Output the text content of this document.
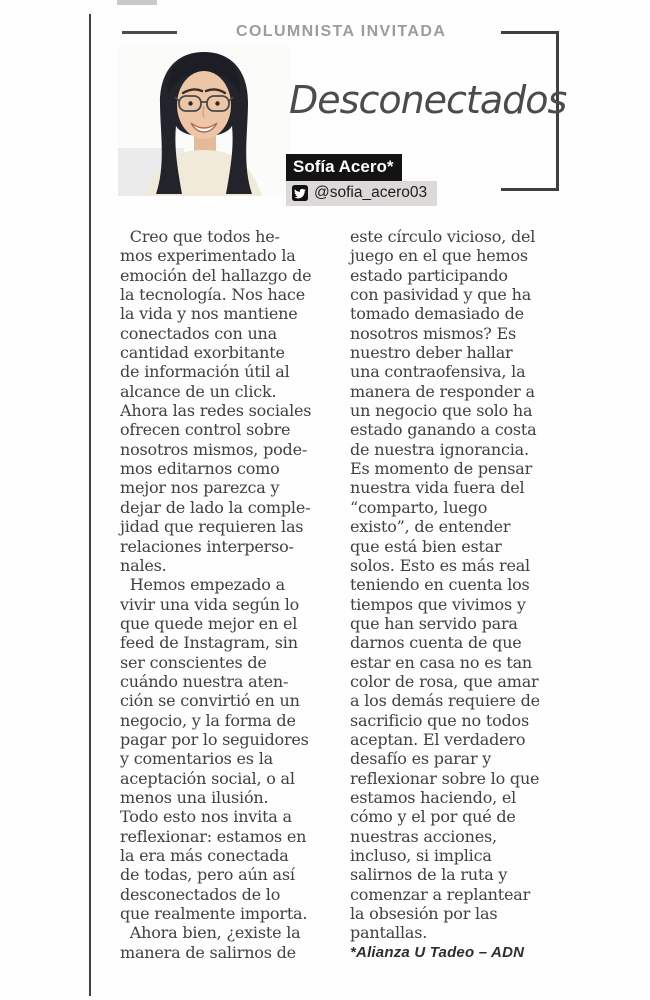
COLUMNISTA INVITADA
Desconectados
Sofía Acero*
@sofia_acero03
Creo que todos he-
mos experimentado la
emoción del hallazgo de
la tecnología. Nos hace
la vida y nos mantiene
conectados con una
cantidad exorbitante
de información útil al
alcance de un click.
Ahora las redes sociales
ofrecen control sobre
nosotros mismos, pode-
mos editarnos como
mejor nos parezca y
dejar de lado la comple-
jidad que requieren las
relaciones interperso-
nales.
Hemos empezado a
vivir una vida según lo
que quede mejor en el
feed de Instagram, sin
ser conscientes de
cuándo nuestra aten-
ción se convirtió en un
negocio, y la forma de
pagar por lo seguidores
y comentarios es la
aceptación social, o al
menos una ilusión.
Todo esto nos invita a
reflexionar: estamos en
la era más conectada
de todas, pero aún así
desconectados de lo
que realmente importa.
Ahora bien, ¿existe la
manera de salirnos de
este círculo vicioso, del
juego en el que hemos
estado participando
con pasividad y que ha
tomado demasiado de
nosotros mismos? Es
nuestro deber hallar
una contraofensiva, la
manera de responder a
un negocio que solo ha
estado ganando a costa
de nuestra ignorancia.
Es momento de pensar
nuestra vida fuera del
“comparto, luego
existo”, de entender
que está bien estar
solos. Esto es más real
teniendo en cuenta los
tiempos que vivimos y
que han servido para
darnos cuenta de que
estar en casa no es tan
color de rosa, que amar
a los demás requiere de
sacrificio que no todos
aceptan. El verdadero
desafío es parar y
reflexionar sobre lo que
estamos haciendo, el
cómo y el por qué de
nuestras acciones,
incluso, si implica
salirnos de la ruta y
comenzar a replantear
la obsesión por las
pantallas.
*Alianza U Tadeo – ADN
